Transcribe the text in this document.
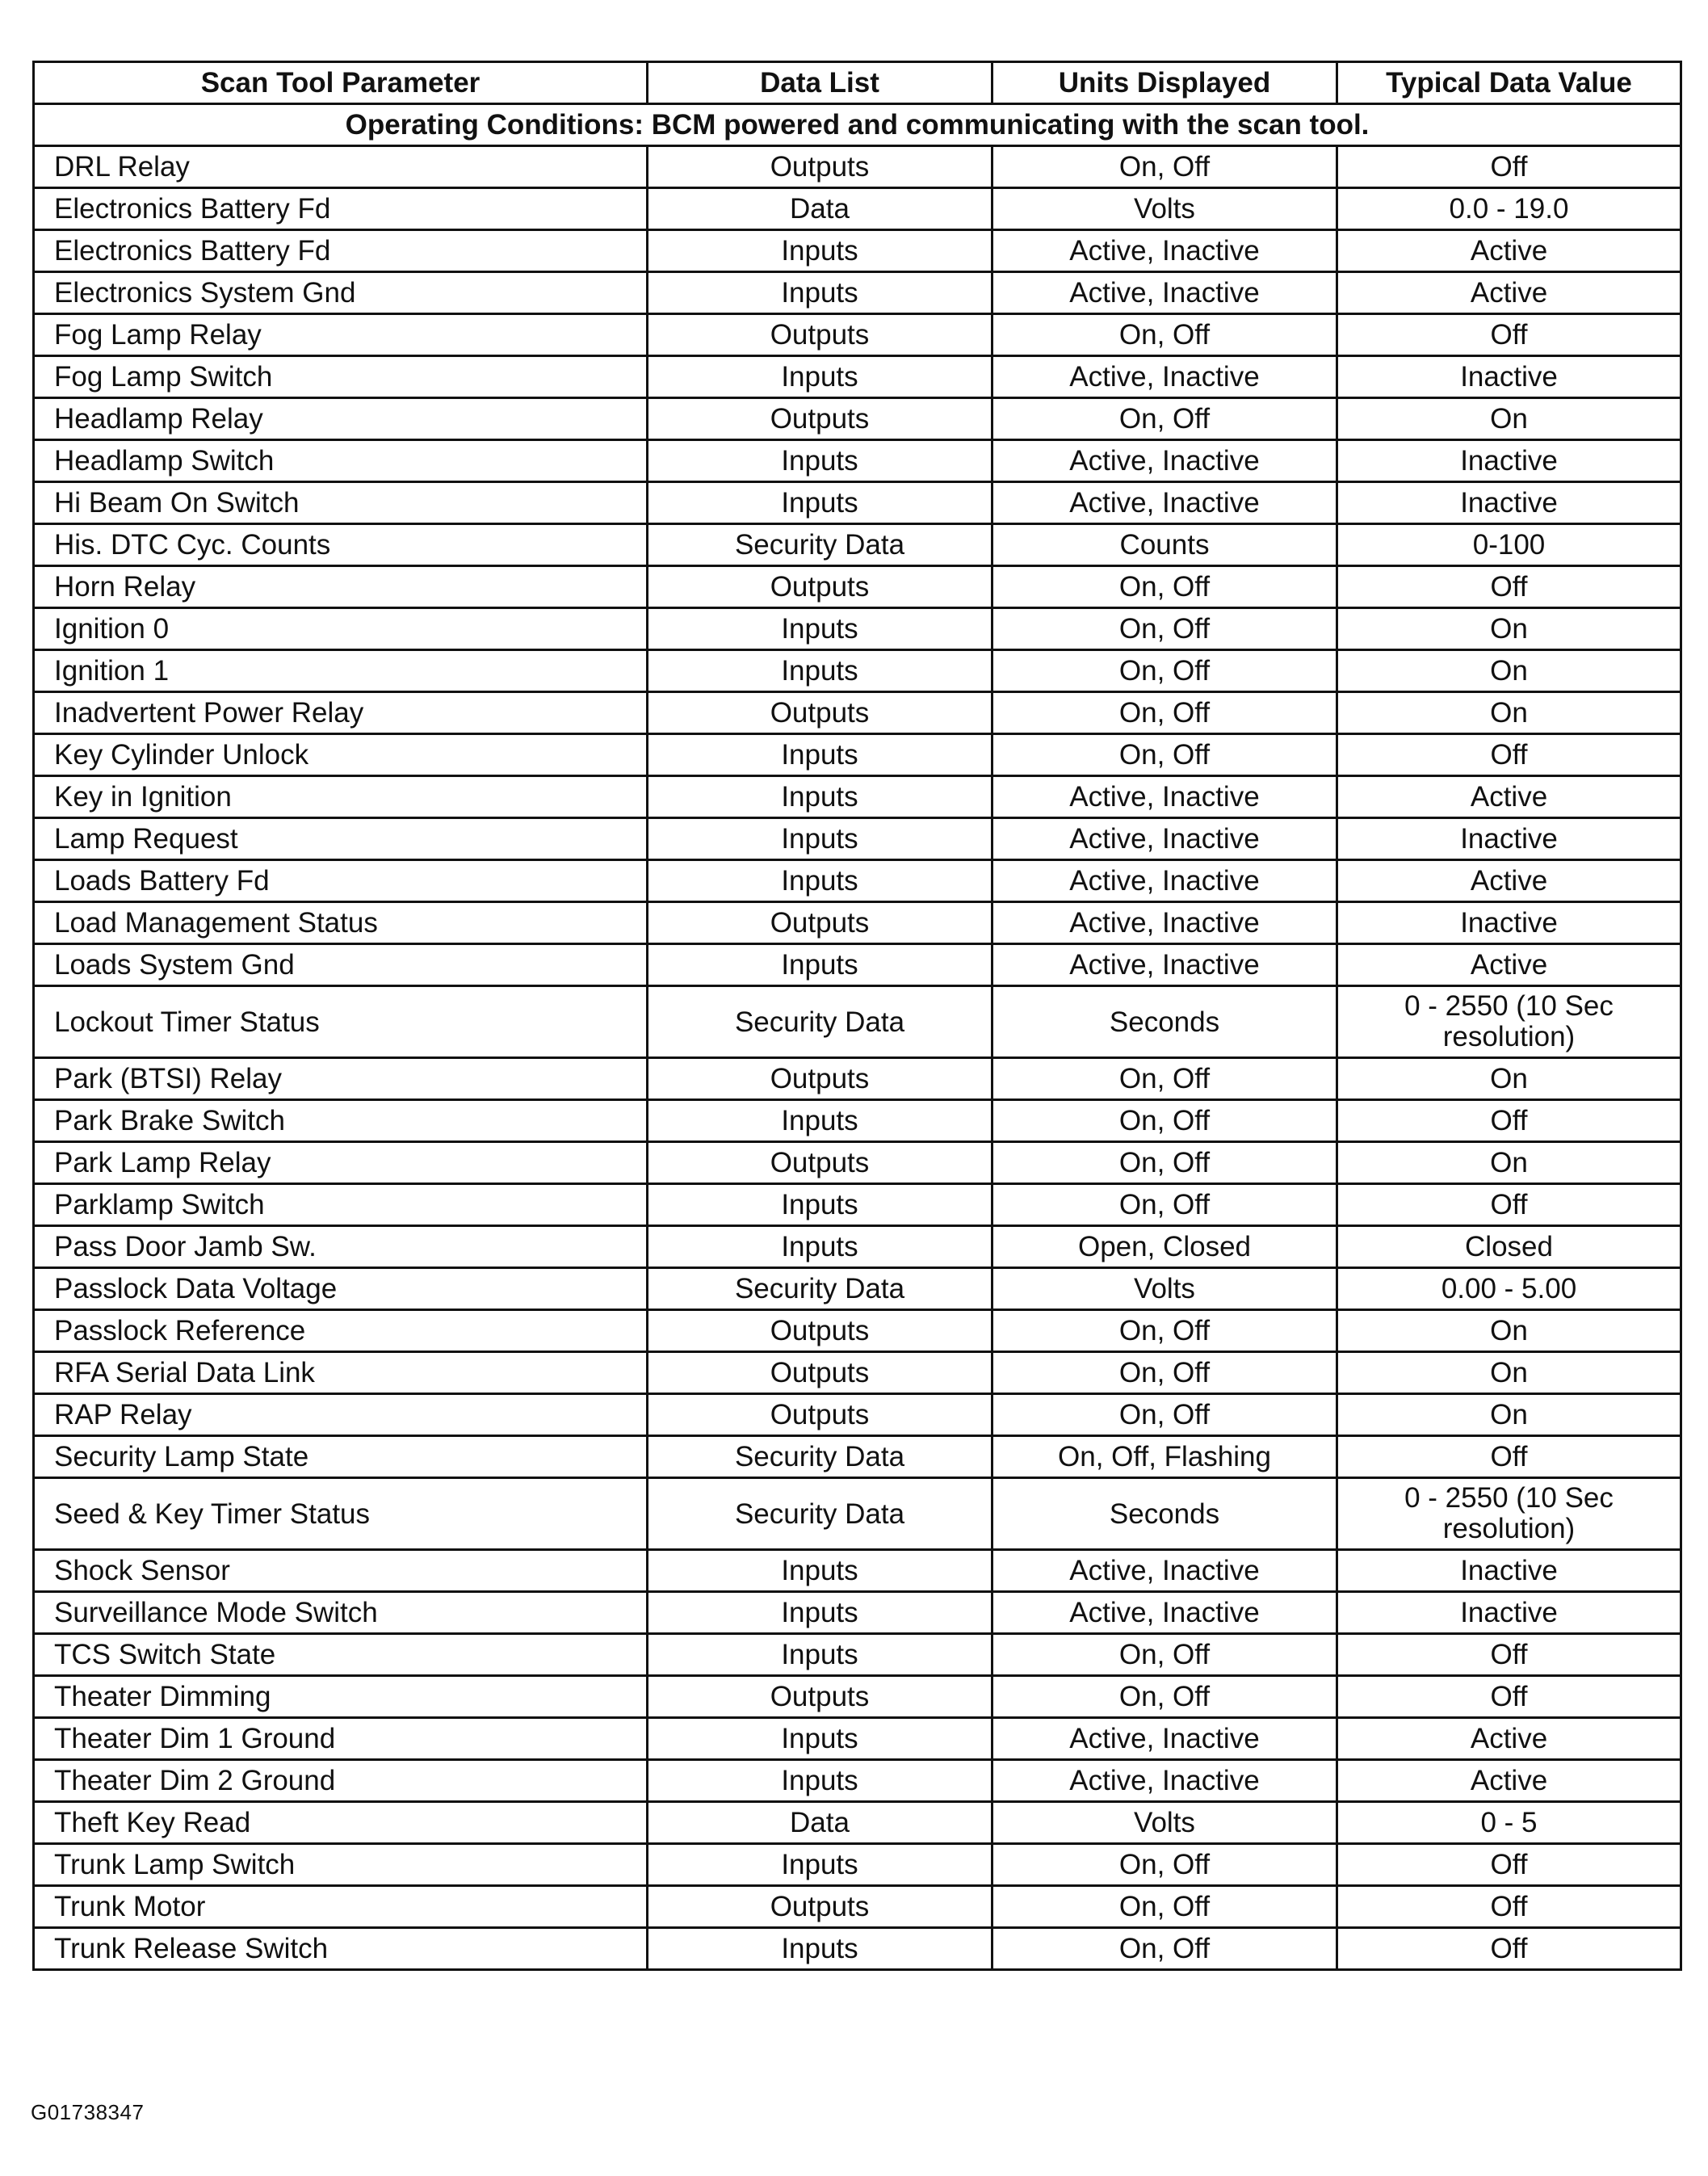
Scan Tool Parameter	Data List	Units Displayed	Typical Data Value
Operating Conditions: BCM powered and communicating with the scan tool.			
DRL Relay	Outputs	On, Off	Off
Electronics Battery Fd	Data	Volts	0.0 - 19.0
Electronics Battery Fd	Inputs	Active, Inactive	Active
Electronics System Gnd	Inputs	Active, Inactive	Active
Fog Lamp Relay	Outputs	On, Off	Off
Fog Lamp Switch	Inputs	Active, Inactive	Inactive
Headlamp Relay	Outputs	On, Off	On
Headlamp Switch	Inputs	Active, Inactive	Inactive
Hi Beam On Switch	Inputs	Active, Inactive	Inactive
His. DTC Cyc. Counts	Security Data	Counts	0-100
Horn Relay	Outputs	On, Off	Off
Ignition 0	Inputs	On, Off	On
Ignition 1	Inputs	On, Off	On
Inadvertent Power Relay	Outputs	On, Off	On
Key Cylinder Unlock	Inputs	On, Off	Off
Key in Ignition	Inputs	Active, Inactive	Active
Lamp Request	Inputs	Active, Inactive	Inactive
Loads Battery Fd	Inputs	Active, Inactive	Active
Load Management Status	Outputs	Active, Inactive	Inactive
Loads System Gnd	Inputs	Active, Inactive	Active
Lockout Timer Status	Security Data	Seconds	0 - 2550 (10 Sec resolution)
Park (BTSI) Relay	Outputs	On, Off	On
Park Brake Switch	Inputs	On, Off	Off
Park Lamp Relay	Outputs	On, Off	On
Parklamp Switch	Inputs	On, Off	Off
Pass Door Jamb Sw.	Inputs	Open, Closed	Closed
Passlock Data Voltage	Security Data	Volts	0.00 - 5.00
Passlock Reference	Outputs	On, Off	On
RFA Serial Data Link	Outputs	On, Off	On
RAP Relay	Outputs	On, Off	On
Security Lamp State	Security Data	On, Off, Flashing	Off
Seed & Key Timer Status	Security Data	Seconds	0 - 2550 (10 Sec resolution)
Shock Sensor	Inputs	Active, Inactive	Inactive
Surveillance Mode Switch	Inputs	Active, Inactive	Inactive
TCS Switch State	Inputs	On, Off	Off
Theater Dimming	Outputs	On, Off	Off
Theater Dim 1 Ground	Inputs	Active, Inactive	Active
Theater Dim 2 Ground	Inputs	Active, Inactive	Active
Theft Key Read	Data	Volts	0 - 5
Trunk Lamp Switch	Inputs	On, Off	Off
Trunk Motor	Outputs	On, Off	Off
Trunk Release Switch	Inputs	On, Off	Off
G01738347
